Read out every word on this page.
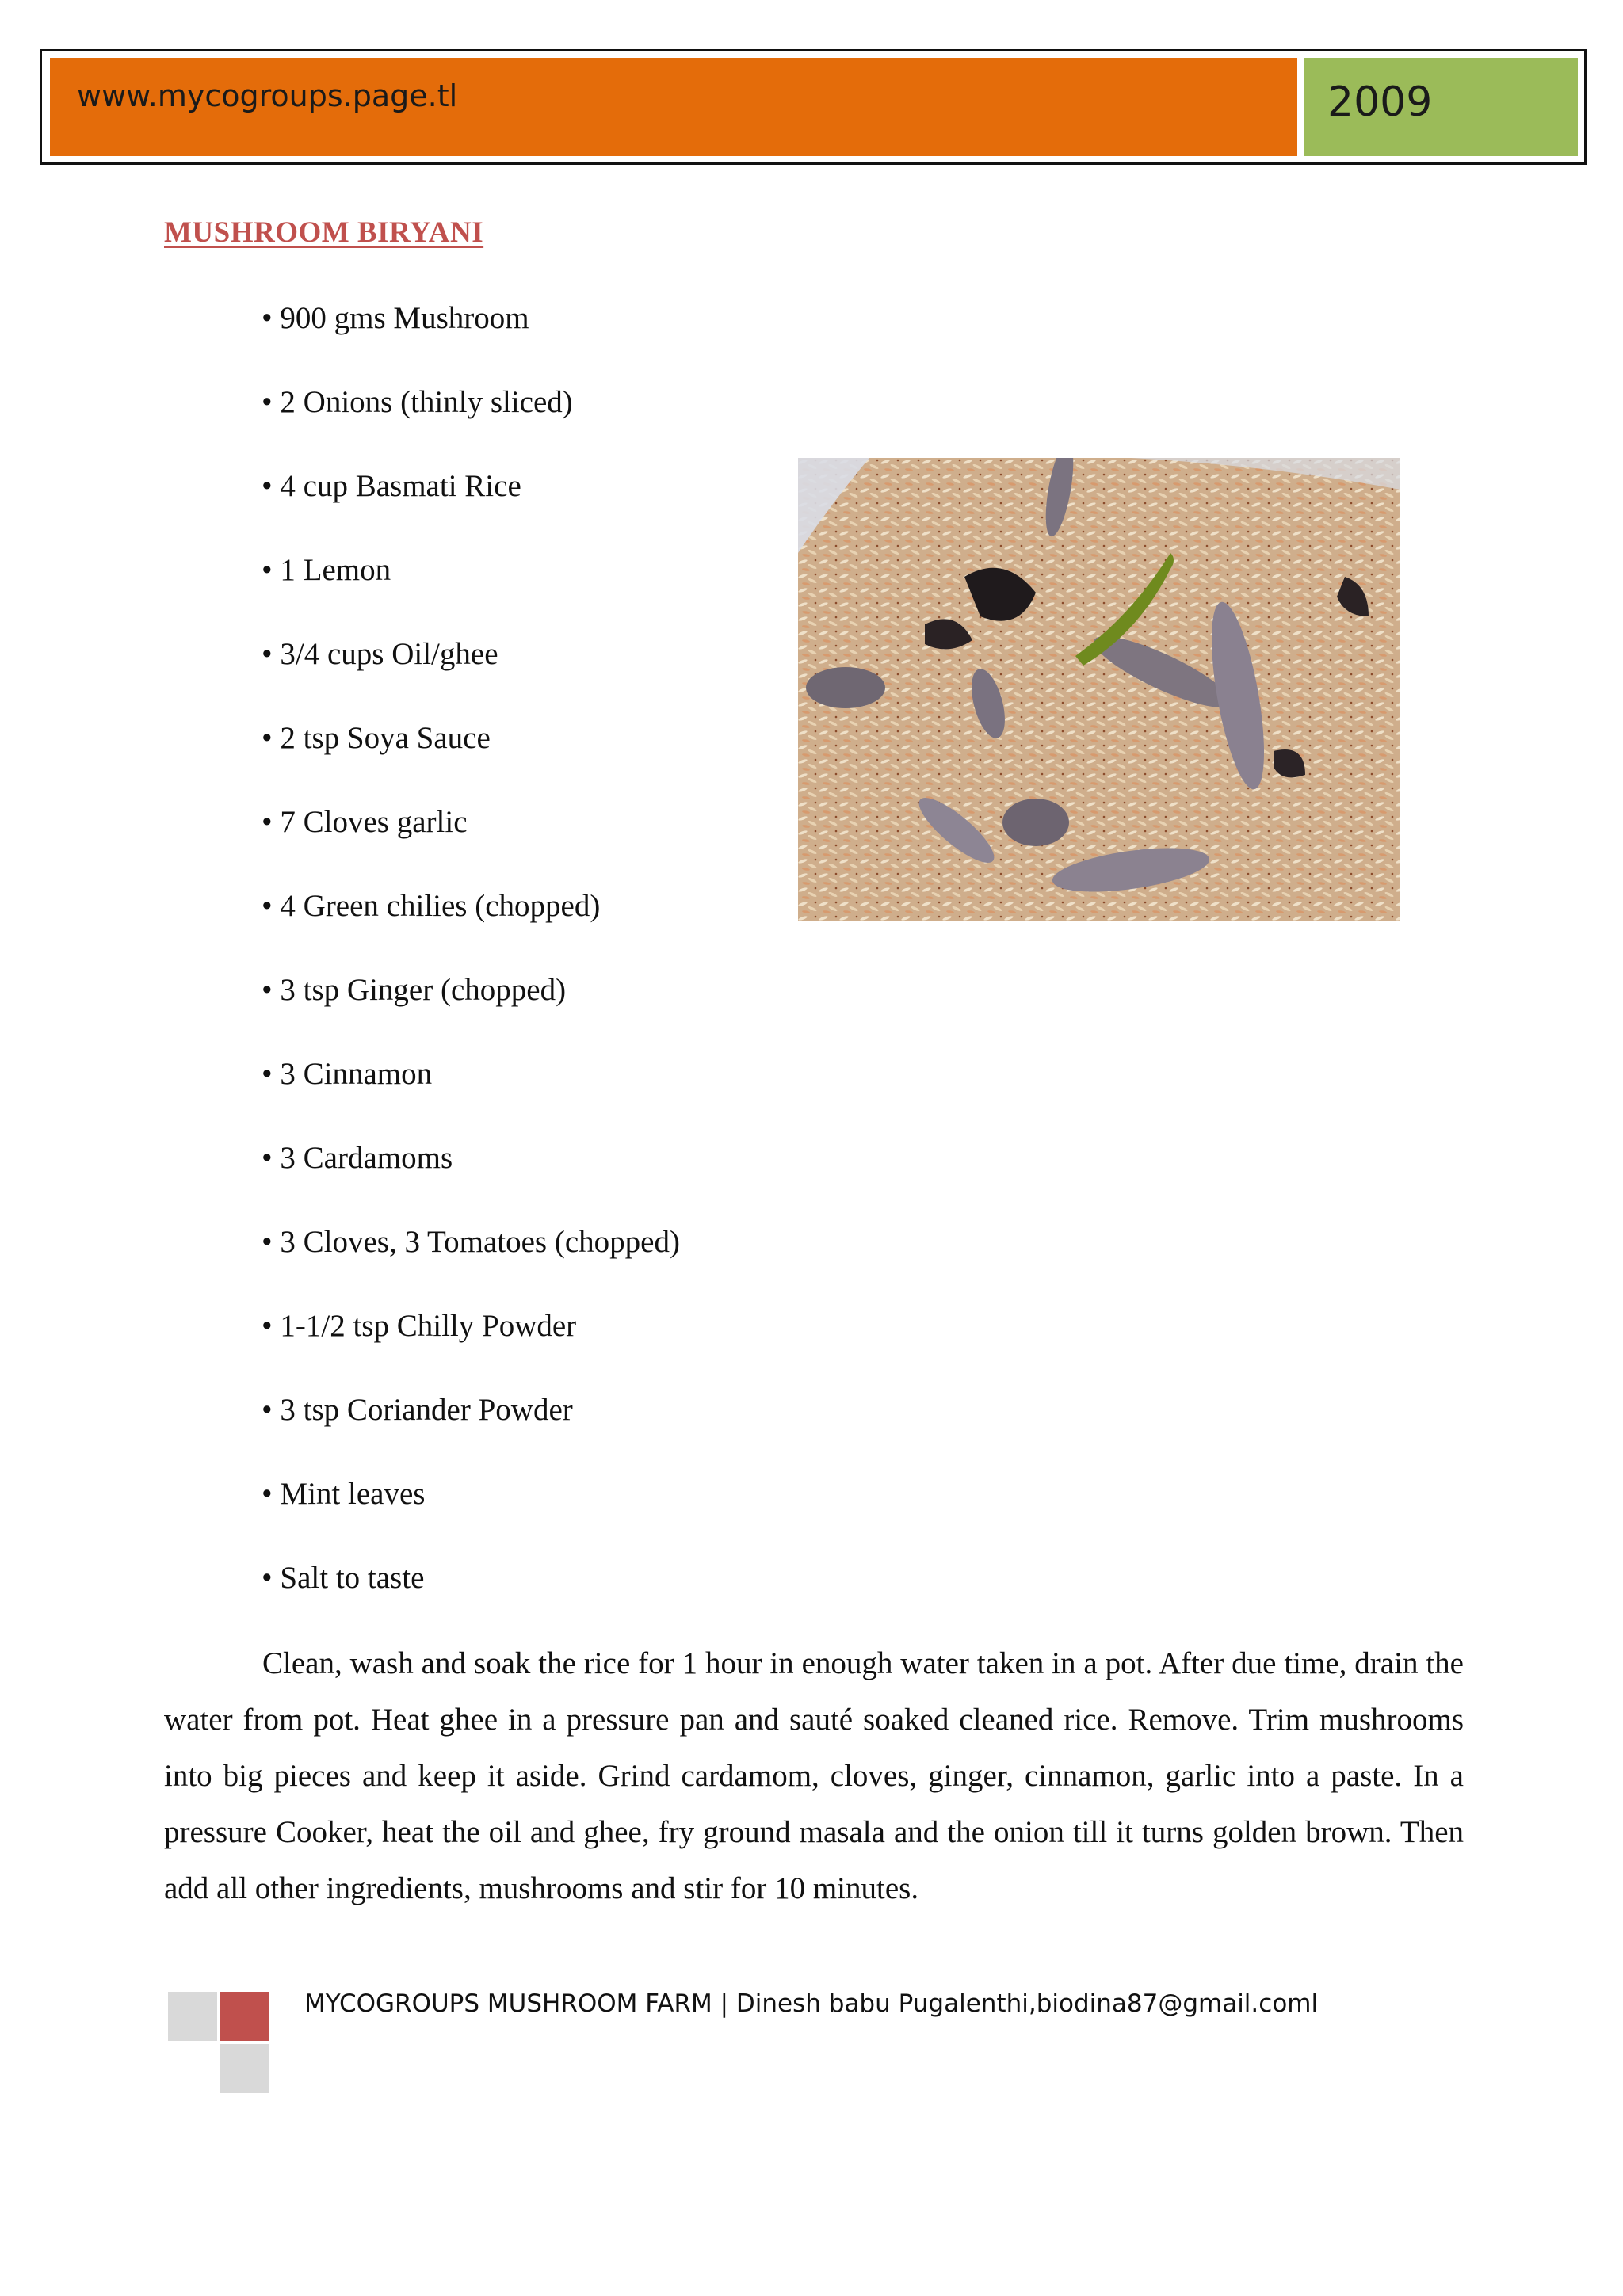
www.mycogroups.page.tl	2009
MUSHROOM BIRYANI
• 900 gms Mushroom
• 2 Onions (thinly sliced)
• 4 cup Basmati Rice
• 1 Lemon
• 3/4 cups Oil/ghee
• 2 tsp Soya Sauce
• 7 Cloves garlic
• 4 Green chilies (chopped)
• 3 tsp Ginger (chopped)
• 3 Cinnamon
• 3 Cardamoms
• 3 Cloves, 3 Tomatoes (chopped)
• 1-1/2 tsp Chilly Powder
• 3 tsp Coriander Powder
• Mint leaves
• Salt to taste

Clean, wash and soak the rice for 1 hour in enough water taken in a pot. After due time, drain the water from pot. Heat ghee in a pressure pan and sauté soaked cleaned rice. Remove. Trim mushrooms into big pieces and keep it aside. Grind cardamom, cloves, ginger, cinnamon, garlic into a paste. In a pressure Cooker, heat the oil and ghee, fry ground masala and the onion till it turns golden brown. Then add all other ingredients, mushrooms and stir for 10 minutes.

MYCOGROUPS MUSHROOM FARM | Dinesh babu Pugalenthi,biodina87@gmail.coml
